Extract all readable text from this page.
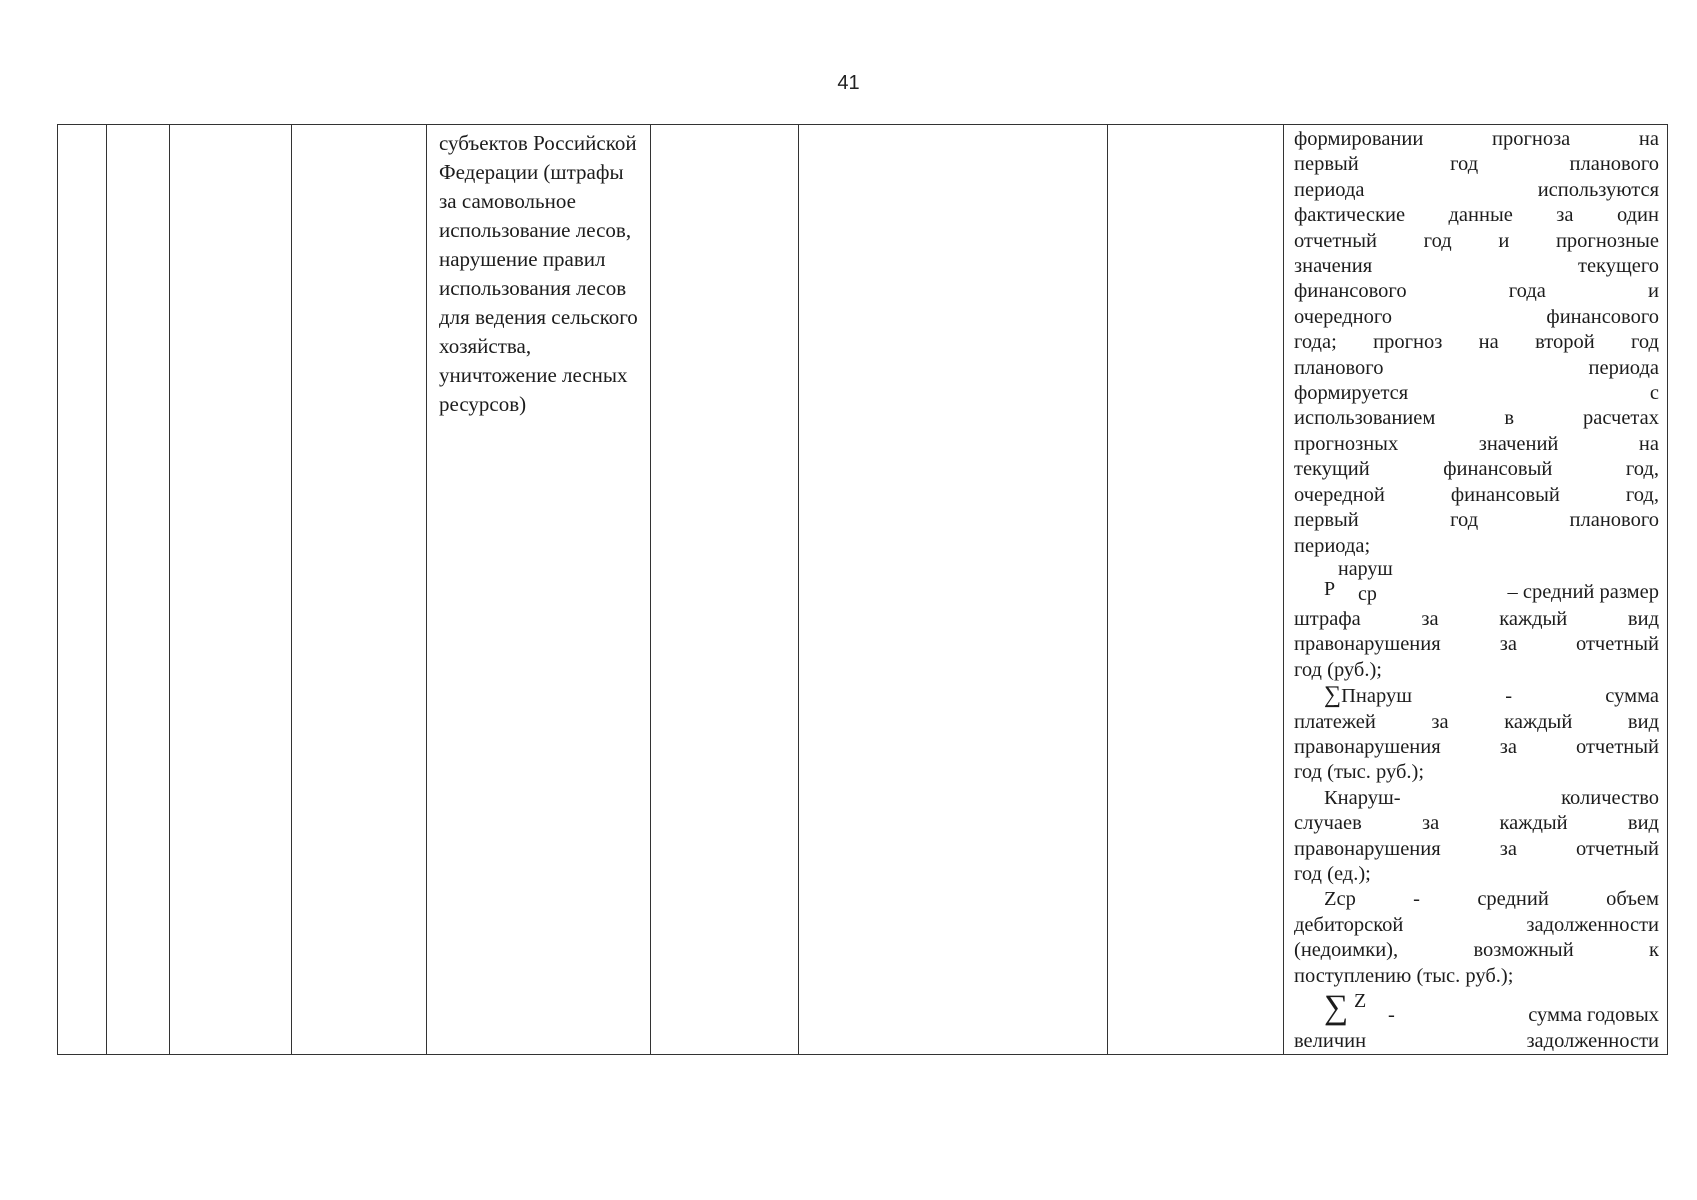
41

субъектов Российской

Федерации (штрафы

за самовольное

использование лесов,

нарушение правил

использования лесов

для ведения сельского

хозяйства,

уничтожение лесных

ресурсов)

формировании прогноза на

первый год планового

периода используются

фактические данные за один

отчетный год и прогнозные

значения текущего

финансового года и

очередного финансового

года; прогноз на второй год

планового периода

формируется с

использованием в расчетах

прогнозных значений на

текущий финансовый год,

очередной финансовый год,

первый год планового

периода;

Р
наруш
ср	– средний размер

штрафа за каждый вид

правонарушения за отчетный

год (руб.);

∑Пнаруш	-	сумма

платежей за каждый вид

правонарушения за отчетный

год (тыс. руб.);

Кнаруш-	количество

случаев за каждый вид

правонарушения за отчетный

год (ед.);

Zср - средний объем

дебиторской задолженности

(недоимки), возможный к

поступлению (тыс. руб.);

∑ Z
-	сумма годовых

величин задолженности
